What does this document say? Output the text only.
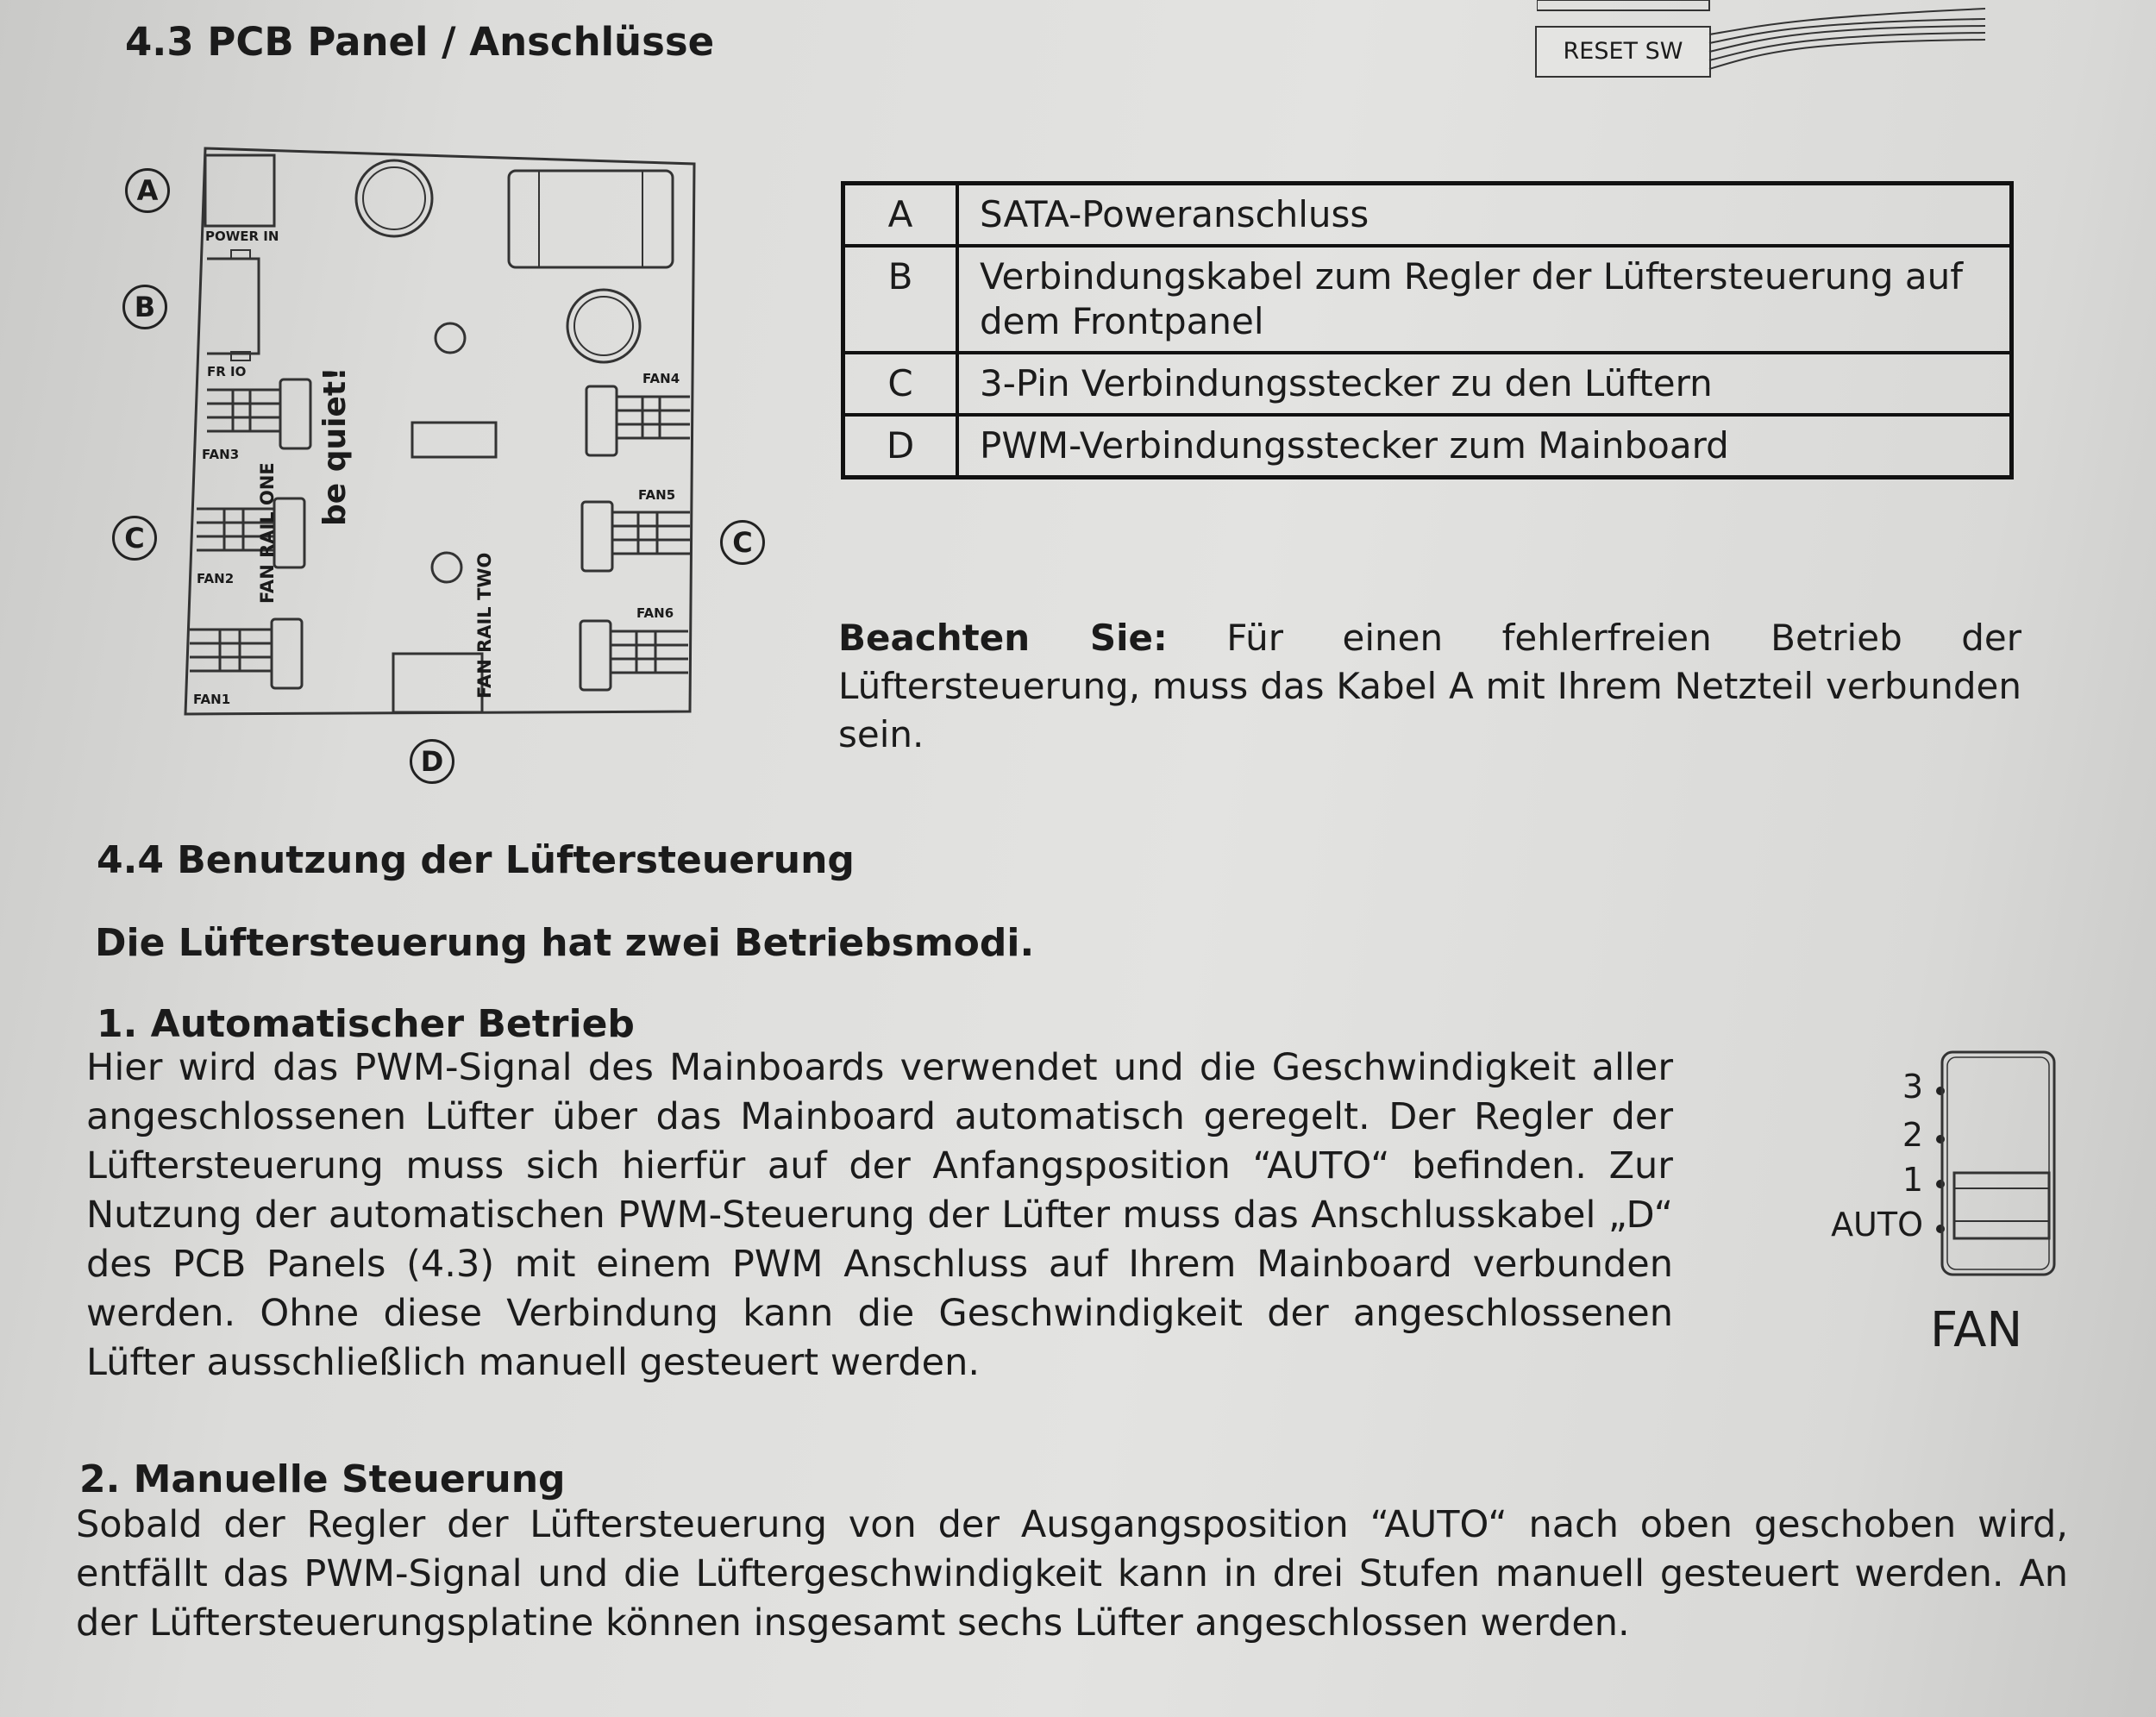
4.3 PCB Panel / Anschlüsse	RESET SW
POWER IN
FR IO
FAN3
FAN2
FAN1
FAN4
FAN5
FAN6
FAN RAIL ONE
FAN RAIL TWO
be quiet!
A
B
C	C
D
A	SATA-Poweranschluss
B	Verbindungskabel zum Regler der Lüftersteuerung auf dem Frontpanel
C	3-Pin Verbindungsstecker zu den Lüftern
D	PWM-Verbindungsstecker zum Mainboard
Beachten Sie: Für einen fehlerfreien Betrieb der Lüftersteuerung, muss das Kabel A mit Ihrem Netzteil verbunden sein.
4.4 Benutzung der Lüftersteuerung
Die Lüftersteuerung hat zwei Betriebsmodi.
1. Automatischer Betrieb
Hier wird das PWM-Signal des Mainboards verwendet und die Geschwindigkeit aller angeschlossenen Lüfter über das Mainboard automatisch geregelt. Der Regler der Lüftersteuerung muss sich hierfür auf der Anfangsposition “AUTO“ befinden. Zur Nutzung der automatischen PWM-Steuerung der Lüfter muss das Anschlusskabel „D“ des PCB Panels (4.3) mit einem PWM Anschluss auf Ihrem Mainboard verbunden werden. Ohne diese Verbindung kann die Geschwindigkeit der angeschlossenen Lüfter ausschließlich manuell gesteuert werden.
2. Manuelle Steuerung
Sobald der Regler der Lüftersteuerung von der Ausgangsposition “AUTO“ nach oben geschoben wird, entfällt das PWM-Signal und die Lüftergeschwindigkeit kann in drei Stufen manuell gesteuert werden. An der Lüftersteuerungsplatine können insgesamt sechs Lüfter angeschlossen werden.
3
2
1
AUTO
FAN
